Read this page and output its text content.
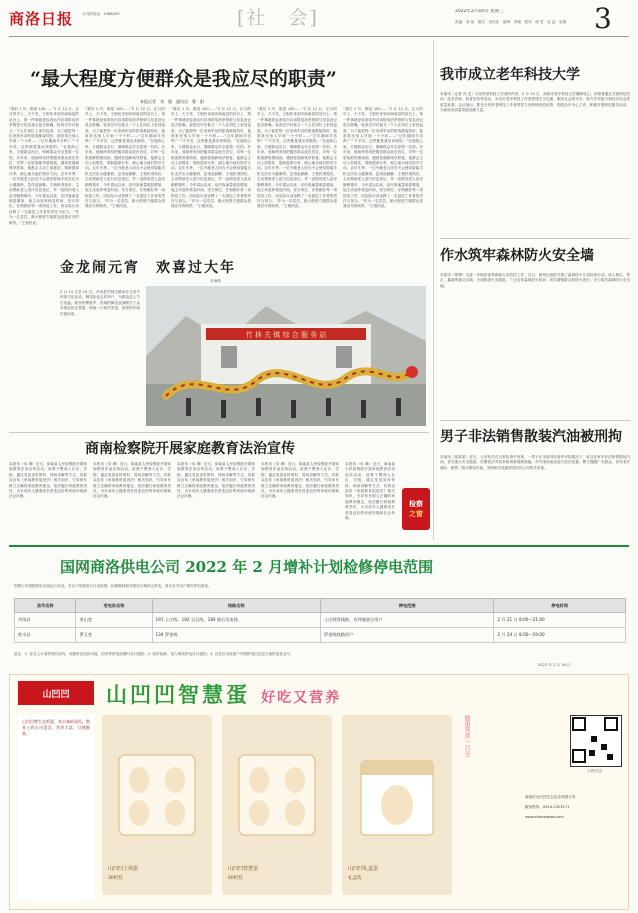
商洛日报 专刊部电话：2388259	[社　会]	2022年2月16日 星期三
责编：刘 怡　版式：田佳佳　编审：李媛　校对：戚 雪　总 监：吴康 3
“最大程度方便群众是我应尽的职责”
本报记者　刘　媛　通讯员　曹　阳
“我们 1 号，都是 100……”2 月 12 日，正月的早上，天不亮，王相民来到市商南县的站台上，第一件事就是检查站内各项防疫消杀物资与信息登记是否准确，检查完毕后他又一个人在岗位上来回巡查，为了能把每一位来到车站的旅客都接待好，他常常比别人早到一个小时……“过年期间辛苦吗？”“不辛苦，这些都是我应该做的。”在他的心里，方便群众出行、保障群众安全是第一位的。多年来，他始终坚持把服务群众放在首位，对每一位旅客都热情周到，遇到老弱病残孕旅客，他都会主动上前搀扶，帮助提拿行李，耐心地为他们指引方向。去年冬季，一位外地老人因为不会使用智能手机无法出示健康码，急得直跺脚，王相民得知后，主动帮助老人进行信息登记，并一直陪同老人直至顺利乘车。今年春运以来，站内客流量明显增加，他主动放弃休息时间，坚守岗位，仔细做好每一项防疫工作，用实际行动诠释了一名基层工作者的责任与担当。“作为一名党员，最大程度方便群众是我应尽的职责。”王相民说。
“我们 1 号，都是 100……”2 月 12 日，正月的早上，天不亮，王相民来到市商南县的站台上，第一件事就是检查站内各项防疫消杀物资与信息登记是否准确，检查完毕后他又一个人在岗位上来回巡查，为了能把每一位来到车站的旅客都接待好，他常常比别人早到一个小时……“过年期间辛苦吗？”“不辛苦，这些都是我应该做的。”在他的心里，方便群众出行、保障群众安全是第一位的。多年来，他始终坚持把服务群众放在首位，对每一位旅客都热情周到，遇到老弱病残孕旅客，他都会主动上前搀扶，帮助提拿行李，耐心地为他们指引方向。去年冬季，一位外地老人因为不会使用智能手机无法出示健康码，急得直跺脚，王相民得知后，主动帮助老人进行信息登记，并一直陪同老人直至顺利乘车。今年春运以来，站内客流量明显增加，他主动放弃休息时间，坚守岗位，仔细做好每一项防疫工作，用实际行动诠释了一名基层工作者的责任与担当。“作为一名党员，最大程度方便群众是我应尽的职责。”王相民说。
“我们 1 号，都是 100……”2 月 12 日，正月的早上，天不亮，王相民来到市商南县的站台上，第一件事就是检查站内各项防疫消杀物资与信息登记是否准确，检查完毕后他又一个人在岗位上来回巡查，为了能把每一位来到车站的旅客都接待好，他常常比别人早到一个小时……“过年期间辛苦吗？”“不辛苦，这些都是我应该做的。”在他的心里，方便群众出行、保障群众安全是第一位的。多年来，他始终坚持把服务群众放在首位，对每一位旅客都热情周到，遇到老弱病残孕旅客，他都会主动上前搀扶，帮助提拿行李，耐心地为他们指引方向。去年冬季，一位外地老人因为不会使用智能手机无法出示健康码，急得直跺脚，王相民得知后，主动帮助老人进行信息登记，并一直陪同老人直至顺利乘车。今年春运以来，站内客流量明显增加，他主动放弃休息时间，坚守岗位，仔细做好每一项防疫工作，用实际行动诠释了一名基层工作者的责任与担当。“作为一名党员，最大程度方便群众是我应尽的职责。”王相民说。
“我们 1 号，都是 100……”2 月 12 日，正月的早上，天不亮，王相民来到市商南县的站台上，第一件事就是检查站内各项防疫消杀物资与信息登记是否准确，检查完毕后他又一个人在岗位上来回巡查，为了能把每一位来到车站的旅客都接待好，他常常比别人早到一个小时……“过年期间辛苦吗？”“不辛苦，这些都是我应该做的。”在他的心里，方便群众出行、保障群众安全是第一位的。多年来，他始终坚持把服务群众放在首位，对每一位旅客都热情周到，遇到老弱病残孕旅客，他都会主动上前搀扶，帮助提拿行李，耐心地为他们指引方向。去年冬季，一位外地老人因为不会使用智能手机无法出示健康码，急得直跺脚，王相民得知后，主动帮助老人进行信息登记，并一直陪同老人直至顺利乘车。今年春运以来，站内客流量明显增加，他主动放弃休息时间，坚守岗位，仔细做好每一项防疫工作，用实际行动诠释了一名基层工作者的责任与担当。“作为一名党员，最大程度方便群众是我应尽的职责。”王相民说。
“我们 1 号，都是 100……”2 月 12 日，正月的早上，天不亮，王相民来到市商南县的站台上，第一件事就是检查站内各项防疫消杀物资与信息登记是否准确，检查完毕后他又一个人在岗位上来回巡查，为了能把每一位来到车站的旅客都接待好，他常常比别人早到一个小时……“过年期间辛苦吗？”“不辛苦，这些都是我应该做的。”在他的心里，方便群众出行、保障群众安全是第一位的。多年来，他始终坚持把服务群众放在首位，对每一位旅客都热情周到，遇到老弱病残孕旅客，他都会主动上前搀扶，帮助提拿行李，耐心地为他们指引方向。去年冬季，一位外地老人因为不会使用智能手机无法出示健康码，急得直跺脚，王相民得知后，主动帮助老人进行信息登记，并一直陪同老人直至顺利乘车。今年春运以来，站内客流量明显增加，他主动放弃休息时间，坚守岗位，仔细做好每一项防疫工作，用实际行动诠释了一名基层工作者的责任与担当。“作为一名党员，最大程度方便群众是我应尽的职责。”王相民说。
金龙闹元宵　欢喜过大年
宋雨萌
2 月 14 日至 15 日，丹凤县竹林关镇举办元宵节民俗文化活动，舞龙队伍走村串户，为群众送上节日祝福，欢快的锣鼓声、热闹的舞龙表演吸引了众多群众驻足观看，现场一片欢声笑语，浓浓的年味扑面而来。
竹 林 关 镇 综 合 服 务 站
我市成立老年科技大学
本报讯（记者 肖 龙）为发挥老科技工作者的作用，2 月 15 日，商洛市老年科技大学揭牌成立。该校将通过开展科技培训、技术咨询、科普宣传等活动，为全市老年科技工作者搭建学习交流、服务社会的平台，助力乡村振兴和经济社会高质量发展。会议指出，要充分发挥老科技工作者的智力优势和经验优势，围绕全市中心工作，积极开展科技服务活动，为商洛高质量发展贡献力量。
作水筑牢森林防火安全墙
本报讯（郭锋）为进一步做好春季森林火灾防控工作，近日，商州区组织开展了森林防火专项检查行动，深入林区、景区、墓地等重点区域，全面排查火灾隐患，广泛宣传森林防火知识，切实增强群众的防火意识，全力筑牢森林防火安全墙。
男子非法销售散装汽油被刑拘
本报讯（周某某）近日，公安机关在日常检查中发现，一男子在未取得经营许可的情况下，私自在家中非法销售散装汽油，存在重大安全隐患。民警依法对其采取刑事强制措施，并对现场油品进行依法处置。警方提醒广大群众，切勿非法储存、销售、购买散装汽油，发现相关线索请及时向公安机关举报。
商南检察院开展家庭教育法治宣传
本报讯（吴 琳）近日，商南县人民检察院开展家庭教育法治宣传活动，检察干警深入社区、学校，通过发放宣传资料、现场讲解等方式，向群众宣传《家庭教育促进法》相关知识，引导家长树立正确的家庭教育理念，依法履行家庭教育责任，为未成年人健康成长营造良好的家庭环境和社会环境。
本报讯（吴 琳）近日，商南县人民检察院开展家庭教育法治宣传活动，检察干警深入社区、学校，通过发放宣传资料、现场讲解等方式，向群众宣传《家庭教育促进法》相关知识，引导家长树立正确的家庭教育理念，依法履行家庭教育责任，为未成年人健康成长营造良好的家庭环境和社会环境。
本报讯（吴 琳）近日，商南县人民检察院开展家庭教育法治宣传活动，检察干警深入社区、学校，通过发放宣传资料、现场讲解等方式，向群众宣传《家庭教育促进法》相关知识，引导家长树立正确的家庭教育理念，依法履行家庭教育责任，为未成年人健康成长营造良好的家庭环境和社会环境。
本报讯（吴 琳）近日，商南县人民检察院开展家庭教育法治宣传活动，检察干警深入社区、学校，通过发放宣传资料、现场讲解等方式，向群众宣传《家庭教育促进法》相关知识，引导家长树立正确的家庭教育理念，依法履行家庭教育责任，为未成年人健康成长营造良好的家庭环境和社会环境。
本报讯（吴 琳）近日，商南县人民检察院开展家庭教育法治宣传活动，检察干警深入社区、学校，通过发放宣传资料、现场讲解等方式，向群众宣传《家庭教育促进法》相关知识，引导家长树立正确的家庭教育理念，依法履行家庭教育责任，为未成年人健康成长营造良好的家庭环境和社会环境。
检察
之窗
国网商洛供电公司 2022 年 2 月增补计划检修停电范围
国网公司根据供电设备运行状况，对以下线路进行计划检修，检修期间将对相应区域停止供电，请各有关用户做好停电准备。
县市名称	变电站名称	线路名称	停电范围	停电时间
丹凤县	黑山变	191 土庄线、192 宝石线、184 鼓石发电线	土庄线等线路、杏坪镇部分用户	2 月 21 日 8:00—21:00
柞水县	罗玉变	134 罗金线	罗金线线路用户	2 月 24 日 8:00—19:00
备注：1. 在以上计划停电时间内，有随时送电的可能，因用等停电改期时另行通知；2. 临时检修、电力事故停电另行通知；3. 各县区用电客户详细停电信息见当地供电营业厅。
2022 年 2 月 16 日
山凹凹 山凹凹智慧蛋 好吃又营养
山凹凹牌生态鸡蛋，来自秦岭深处，散养土鸡自由觅食，营养丰富，口感醇香。
山凹凹土鸡蛋
30枚装
山凹凹智慧蛋
60枚装
山凹凹礼盒蛋
礼盒装
健康营养一百分
扫码关注
商洛市山凹凹生态农业有限公司
服务热线：0914-2323171
www.shanaowao.com
